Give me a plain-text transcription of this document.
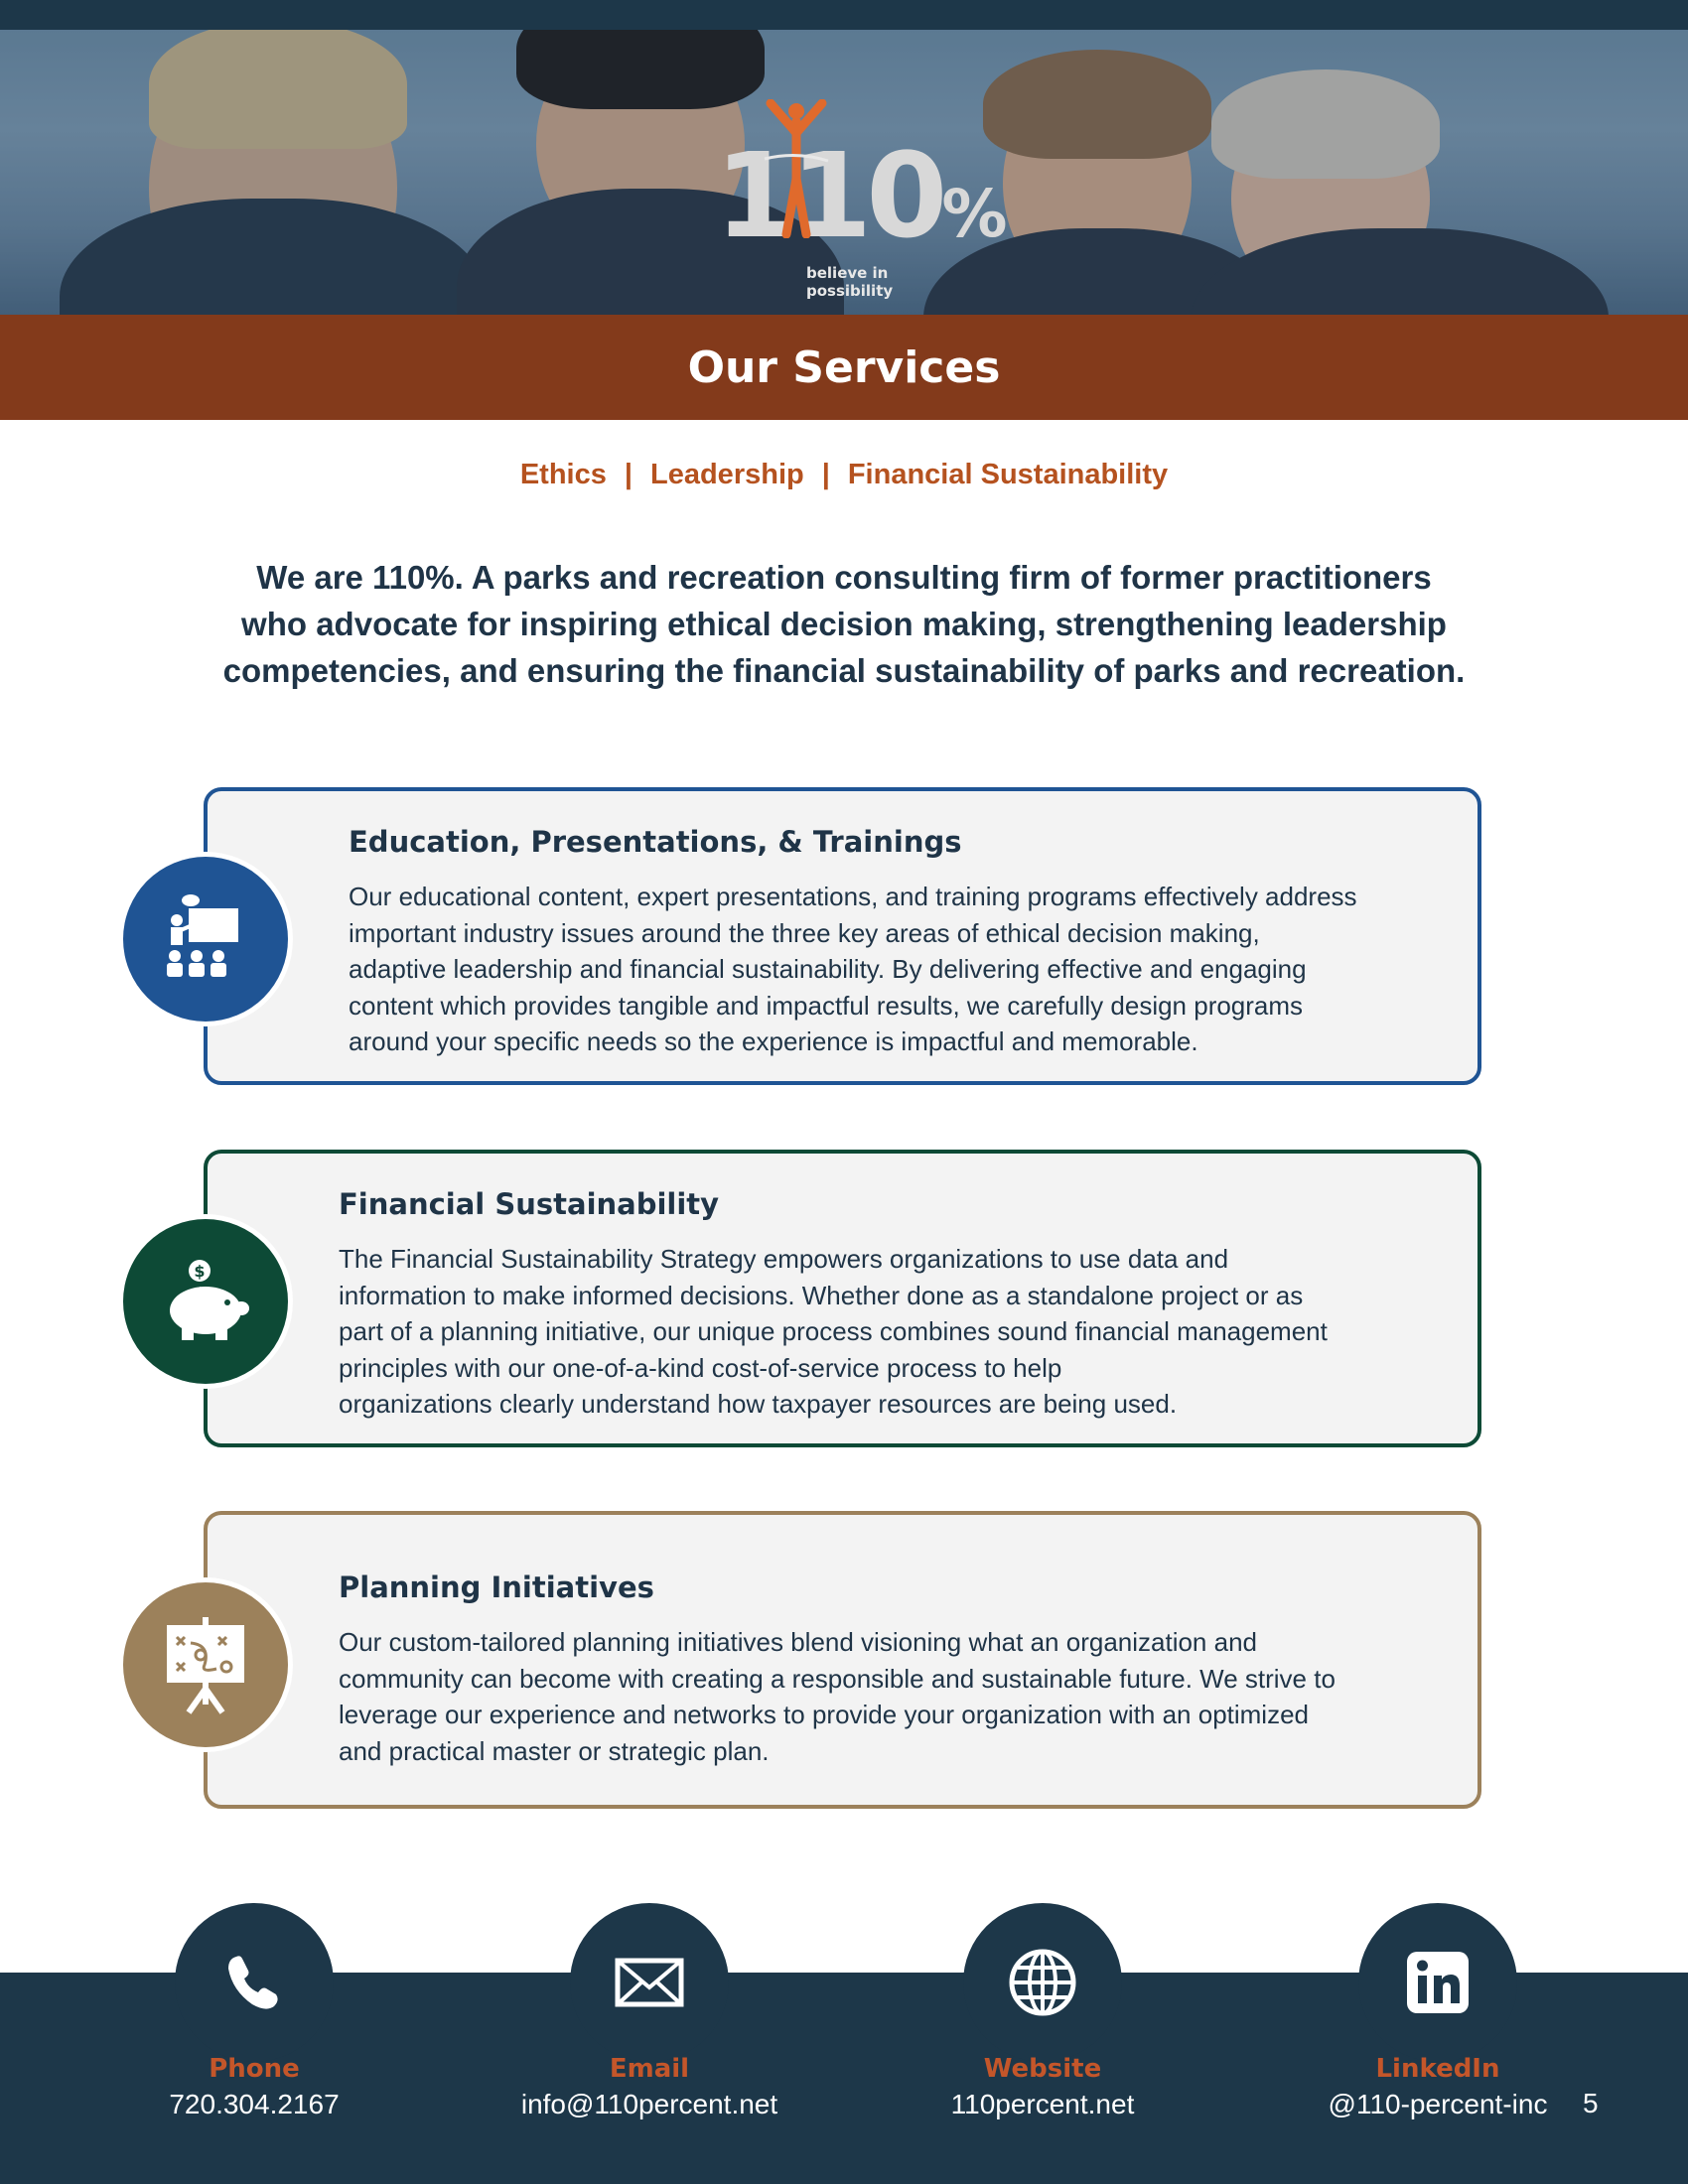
110%
believe in possibility
Our Services
Ethics | Leadership | Financial Sustainability
We are 110%. A parks and recreation consulting firm of former practitioners
who advocate for inspiring ethical decision making, strengthening leadership
competencies, and ensuring the financial sustainability of parks and recreation.
Education, Presentations, & Trainings

Our educational content, expert presentations, and training programs effectively address
important industry issues around the three key areas of ethical decision making,
adaptive leadership and financial sustainability. By delivering effective and engaging
content which provides tangible and impactful results, we carefully design programs
around your specific needs so the experience is impactful and memorable.

Financial Sustainability

The Financial Sustainability Strategy empowers organizations to use data and
information to make informed decisions. Whether done as a standalone project or as
part of a planning initiative, our unique process combines sound financial management
principles with our one-of-a-kind cost-of-service process to help
organizations clearly understand how taxpayer resources are being used.

$
Planning Initiatives

Our custom-tailored planning initiatives blend visioning what an organization and
community can become with creating a responsible and sustainable future. We strive to
leverage our experience and networks to provide your organization with an optimized
and practical master or strategic plan.

Phone	Email	Website	LinkedIn
720.304.2167	info@110percent.net	110percent.net	@110-percent-inc	5
